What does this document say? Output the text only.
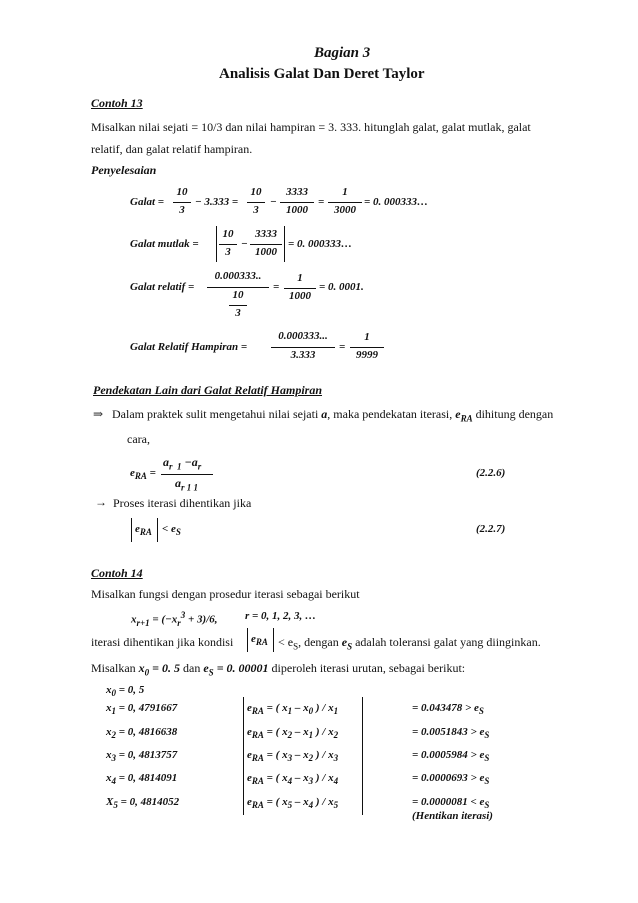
Bagian 3
Analisis Galat Dan Deret Taylor
Contoh 13
Misalkan nilai sejati = 10/3 dan nilai hampiran = 3. 333. hitunglah galat, galat mutlak, galat
relatif, dan galat relatif hampiran.
Penyelesaian
Galat =
10
3
− 3.333 =
10
3
−
3333
1000
=
1
3000
= 0. 000333…
Galat mutlak =
10
3
−
3333
1000
= 0. 000333…
Galat relatif =
0.000333..
10
3
=
1
1000
= 0. 0001.
Galat Relatif Hampiran =
0.000333...
3.333
=
1
9999
Pendekatan Lain dari Galat Relatif Hampiran
⇒ Dalam praktek sulit mengetahui nilai sejati a, maka pendekatan iterasi, $e_{RA}$ dihitung dengan
cara,
$e_{RA}$ =
$a_{r 1} -a_r$
$a_{r 1 1}$
(2.2.6)
→ Proses iterasi dihentikan jika
$e_{RA} < e_S$	(2.2.7)
Contoh 14
Misalkan fungsi dengan prosedur iterasi sebagai berikut
$x_{r+1} = (-x_r^3 + 3)/6$, r = 0, 1, 2, 3, …
iterasi dihentikan jika kondisi $e_{RA} < e_S$, dengan $e_S$ adalah toleransi galat yang diinginkan.
Misalkan $x_0 = 0$. 5 dan $e_S = 0$. 00001 diperoleh iterasi urutan, sebagai berikut:
$x_0 = 0$, 5
$x_1 = 0$, 4791667	$e_{RA}$ = ( $x_1 - x_0$ ) / $x_1$	= $0.043478 > e_S$
$x_2 = 0$, 4816638	$e_{RA}$ = ( $x_2 - x_1$ ) / $x_2$	= $0.0051843 > e_S$
$x_3 = 0$, 4813757	$e_{RA}$ = ( $x_3 - x_2$ ) / $x_3$	= $0.0005984 > e_S$
$x_4 = 0$, 4814091	$e_{RA}$ = ( $x_4 - x_3$ ) / $x_4$	= $0.0000693 > e_S$
$X_5 = 0$, 4814052	$e_{RA}$ = ( $x_5 - x_4$ ) / $x_5$	= $0.0000081 < e_S$
(Hentikan iterasi)
